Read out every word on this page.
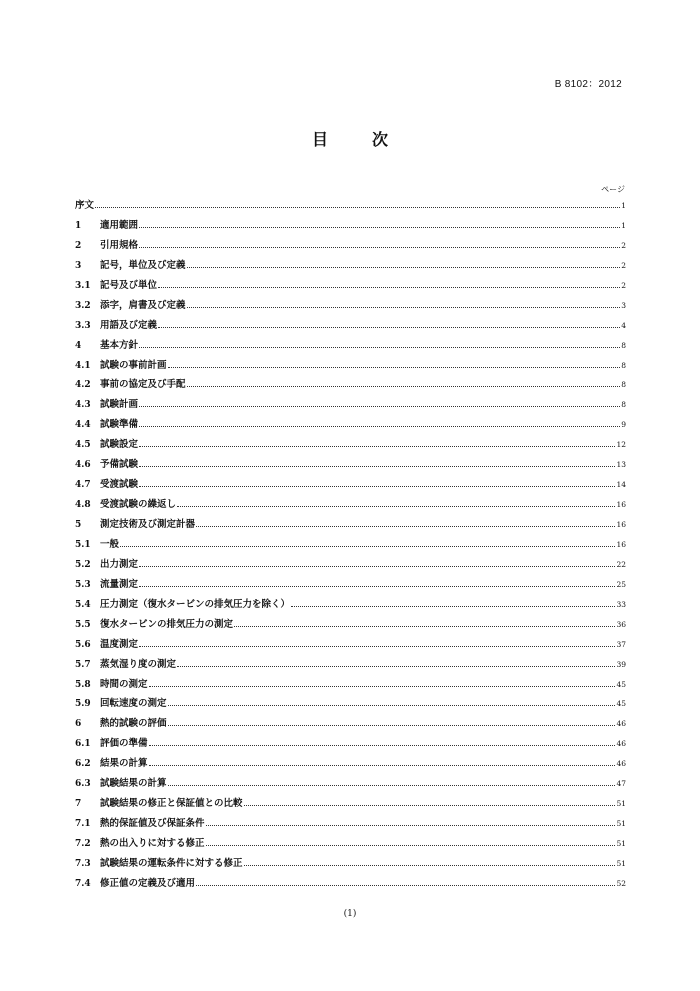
B 8102：2012
目　次
ページ
序文	1
1	適用範囲	1
2	引用規格	2
3	記号，単位及び定義	2
3.1 記号及び単位	2
3.2 添字，肩書及び定義	3
3.3 用語及び定義	4
4	基本方針	8
4.1 試験の事前計画	8
4.2 事前の協定及び手配	8
4.3 試験計画	8
4.4 試験準備	9
4.5 試験設定	12
4.6 予備試験	13
4.7 受渡試験	14
4.8 受渡試験の繰返し	16
5	測定技術及び測定計器	16
5.1 一般	16
5.2 出力測定	22
5.3 流量測定	25
5.4 圧力測定（復水タービンの排気圧力を除く）	33
5.5 復水タービンの排気圧力の測定	36
5.6 温度測定	37
5.7 蒸気湿り度の測定	39
5.8 時間の測定	45
5.9 回転速度の測定	45
6	熱的試験の評価	46
6.1 評価の準備	46
6.2 結果の計算	46
6.3 試験結果の計算	47
7	試験結果の修正と保証値との比較	51
7.1 熱的保証値及び保証条件	51
7.2 熱の出入りに対する修正	51
7.3 試験結果の運転条件に対する修正	51
7.4 修正値の定義及び適用	52
(1)
